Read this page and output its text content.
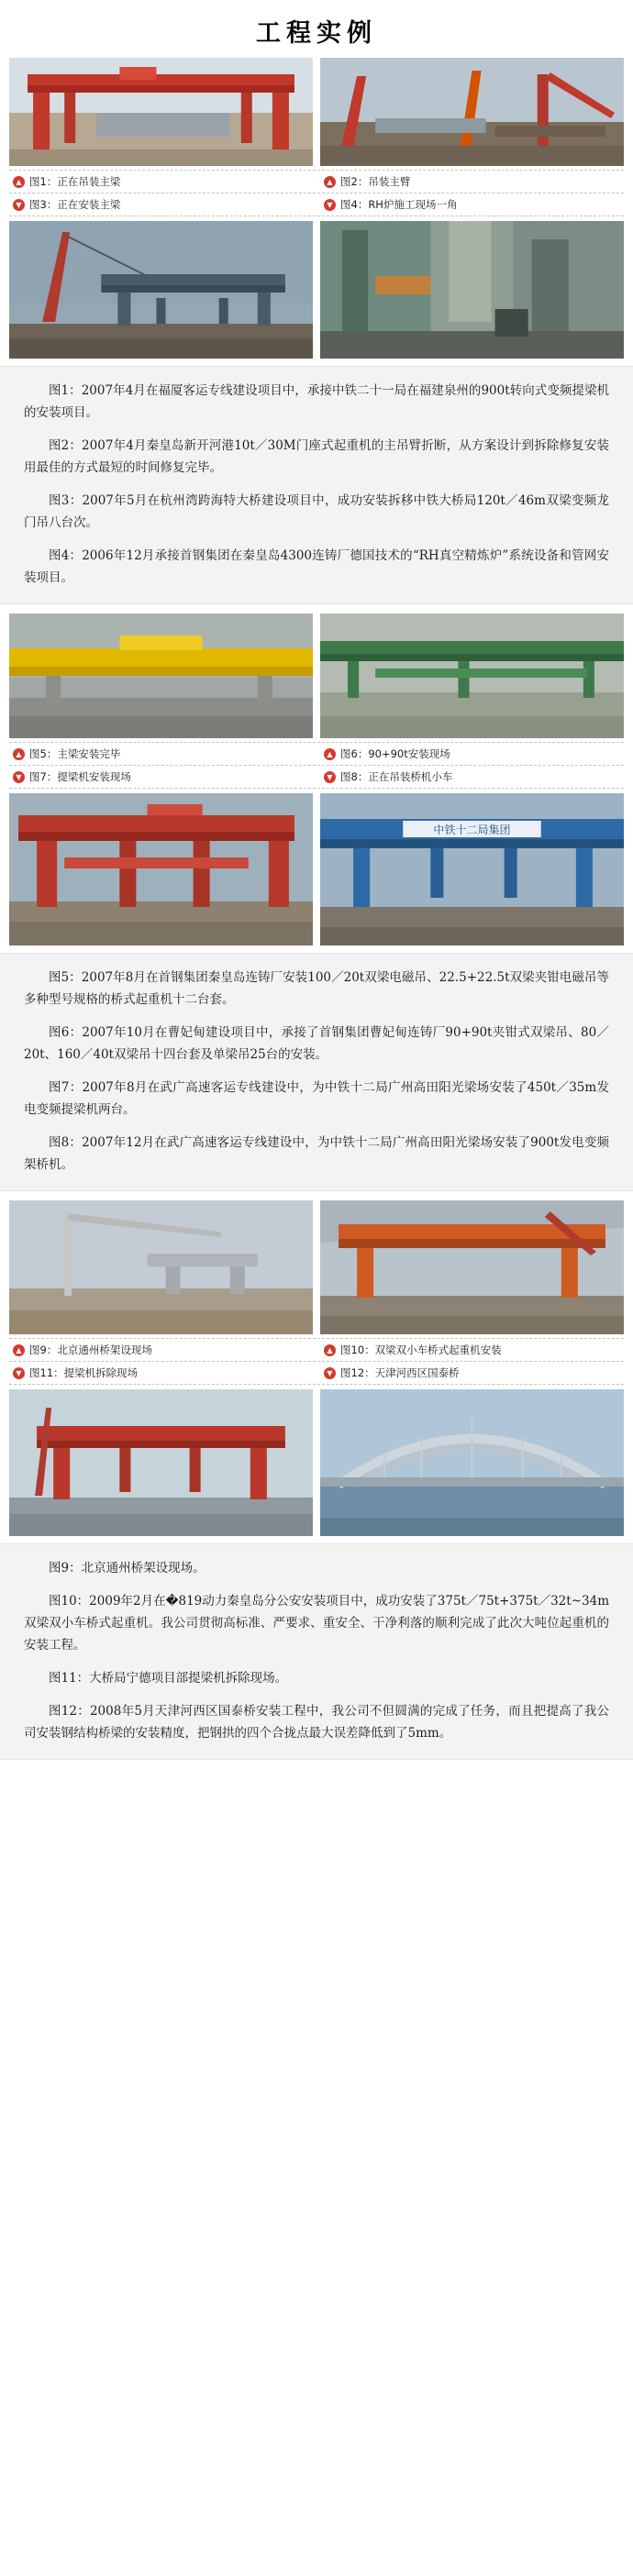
工程实例
▲ 图1：正在吊装主梁	▲ 图2：吊装主臂
▼ 图3：正在安装主梁	▼ 图4：RH炉施工现场一角

图1：2007年4月在福厦客运专线建设项目中，承接中铁二十一局在福建泉州的900t转向式变频提梁机的安装项目。

图2：2007年4月秦皇岛新开河港10t／30M门座式起重机的主吊臂折断，从方案设计到拆除修复安装用最佳的方式最短的时间修复完毕。

图3：2007年5月在杭州湾跨海特大桥建设项目中，成功安装拆移中铁大桥局120t／46m双梁变频龙门吊八台次。

图4：2006年12月承接首钢集团在秦皇岛4300连铸厂德国技术的“RH真空精炼炉”系统设备和管网安装项目。

▲ 图5：主梁安装完毕	▲ 图6：90+90t安装现场
▼ 图7：提梁机安装现场	▼ 图8：正在吊装桥机小车
中铁十二局集团

图5：2007年8月在首钢集团秦皇岛连铸厂安装100／20t双梁电磁吊、22.5+22.5t双梁夹钳电磁吊等多种型号规格的桥式起重机十二台套。

图6：2007年10月在曹妃甸建设项目中，承接了首钢集团曹妃甸连铸厂90+90t夹钳式双梁吊、80／20t、160／40t双梁吊十四台套及单梁吊25台的安装。

图7：2007年8月在武广高速客运专线建设中，为中铁十二局广州高田阳光梁场安装了450t／35m发电变频提梁机两台。

图8：2007年12月在武广高速客运专线建设中，为中铁十二局广州高田阳光梁场安装了900t发电变频架桥机。

▲ 图9：北京通州桥架设现场	▲ 图10：双梁双小车桥式起重机安装
▼ 图11：提梁机拆除现场	▼ 图12：天津河西区国泰桥

图9：北京通州桥架设现场。

图10：2009年2月在�819动力秦皇岛分公安安装项目中，成功安装了375t／75t+375t／32t~34m双梁双小车桥式起重机。我公司贯彻高标准、严要求、重安全、干净利落的顺利完成了此次大吨位起重机的安装工程。

图11：大桥局宁德项目部提梁机拆除现场。

图12：2008年5月天津河西区国泰桥安装工程中，我公司不但圆满的完成了任务，而且把提高了我公司安装钢结构桥梁的安装精度，把钢拱的四个合拢点最大误差降低到了5mm。
